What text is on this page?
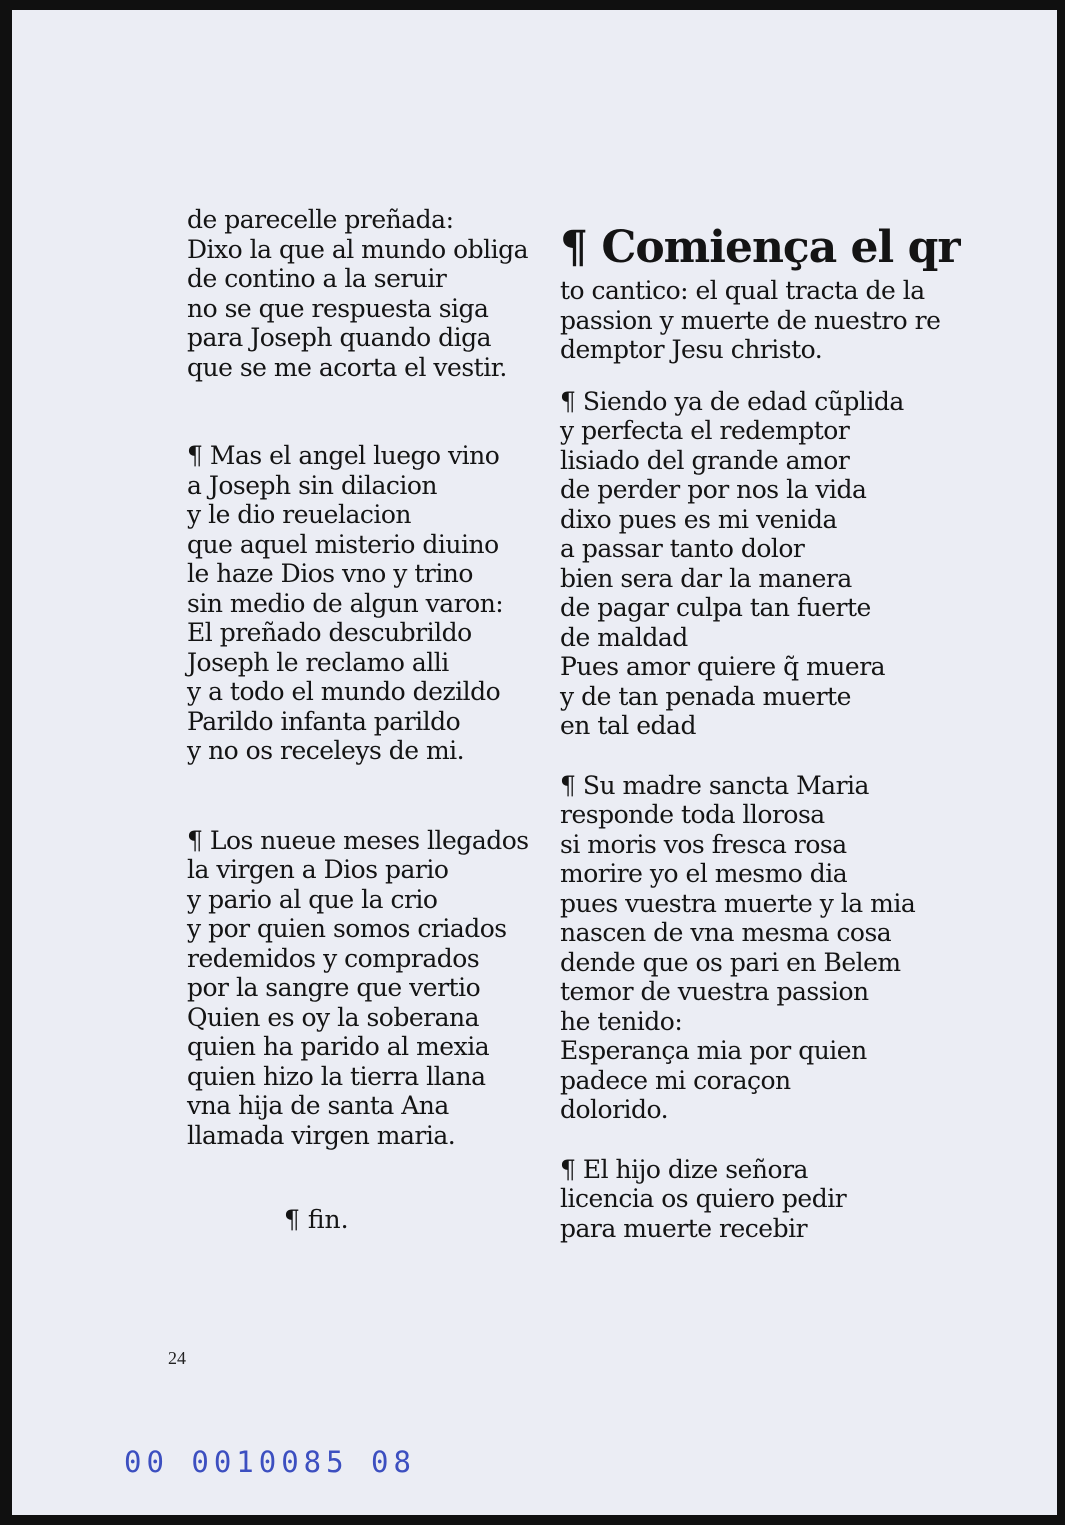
de parecelle preñada:
Dixo la que al mundo obliga
de contino a la seruir
no se que respuesta siga
para Joseph quando diga
que se me acorta el vestir.
¶ Mas el angel luego vino
a Joseph sin dilacion
y le dio reuelacion
que aquel misterio diuino
le haze Dios vno y trino
sin medio de algun varon:
El preñado descubrildo
Joseph le reclamo alli
y a todo el mundo dezildo
Parildo infanta parildo
y no os receleys de mi.
¶ Los nueue meses llegados
la virgen a Dios pario
y pario al que la crio
y por quien somos criados
redemidos y comprados
por la sangre que vertio
Quien es oy la soberana
quien ha parido al mexia
quien hizo la tierra llana
vna hija de santa Ana
llamada virgen maria.
¶ fin.
¶ Comiença el qr
to cantico: el qual tracta de la
passion y muerte de nuestro re
demptor Jesu christo.
¶ Siendo ya de edad cũplida
y perfecta el redemptor
lisiado del grande amor
de perder por nos la vida
dixo pues es mi venida
a passar tanto dolor
bien sera dar la manera
de pagar culpa tan fuerte
de maldad
Pues amor quiere q̃ muera
y de tan penada muerte
en tal edad
¶ Su madre sancta Maria
responde toda llorosa
si moris vos fresca rosa
morire yo el mesmo dia
pues vuestra muerte y la mia
nascen de vna mesma cosa
dende que os pari en Belem
temor de vuestra passion
he tenido:
Esperança mia por quien
padece mi coraçon
dolorido.
¶ El hijo dize señora
licencia os quiero pedir
para muerte recebir
24
00 0010085 08
